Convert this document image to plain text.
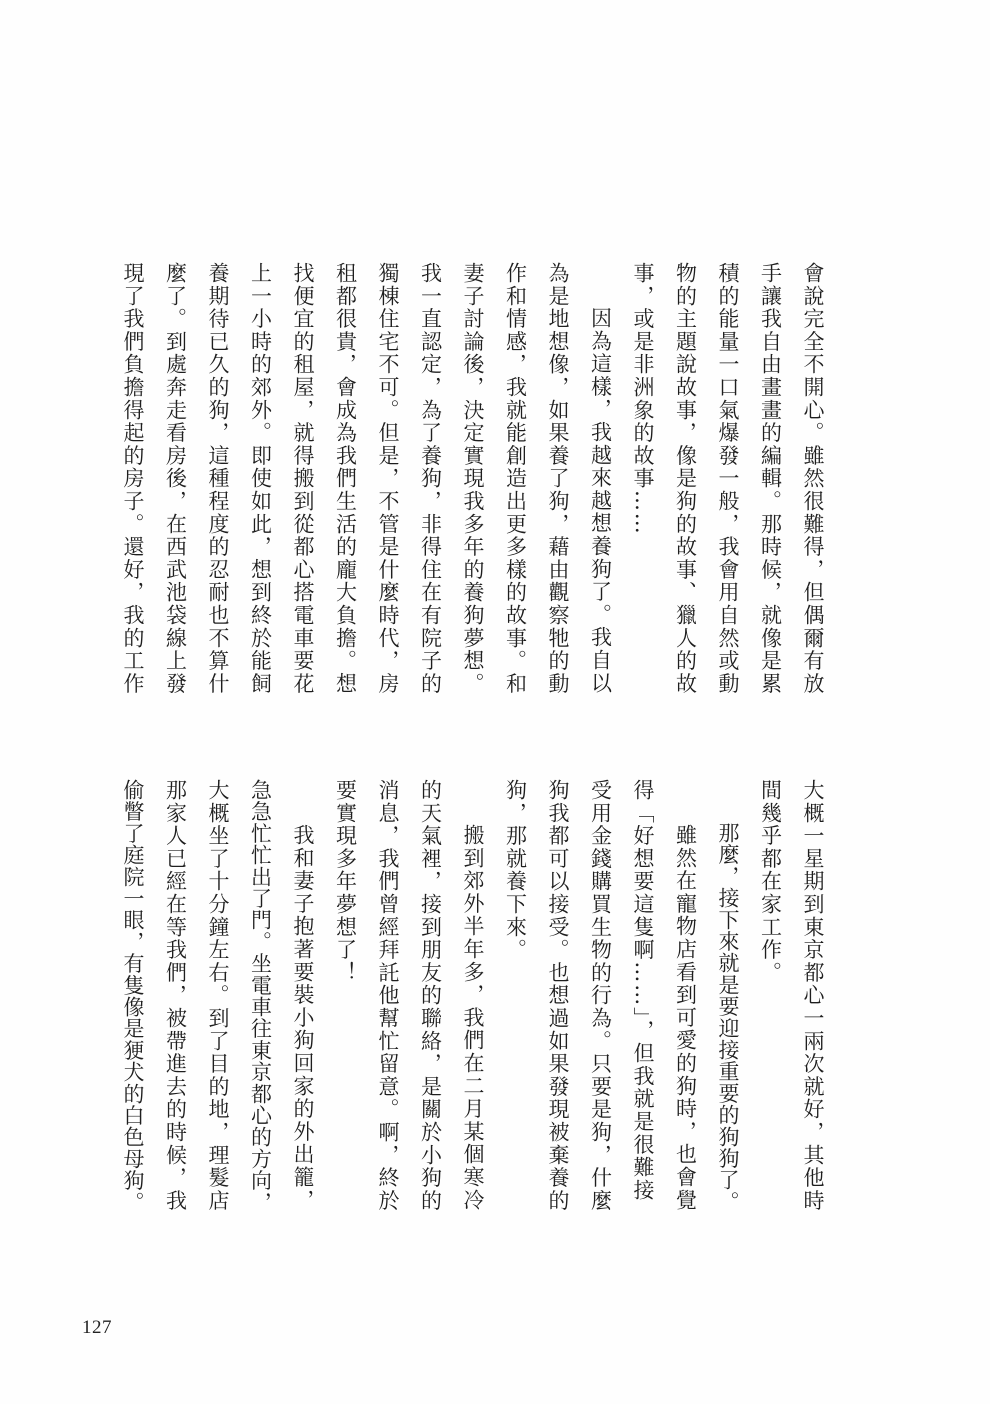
會說完全不開心。雖然很難得，但偶爾有放
手讓我自由畫畫的編輯。那時候，就像是累
積的能量一口氣爆發一般，我會用自然或動
物的主題說故事，像是狗的故事、獵人的故
事，或是非洲象的故事……
因為這樣，我越來越想養狗了。我自以
為是地想像，如果養了狗，藉由觀察牠的動
作和情感，我就能創造出更多樣的故事。和
妻子討論後，決定實現我多年的養狗夢想。
我一直認定，為了養狗，非得住在有院子的
獨棟住宅不可。但是，不管是什麼時代，房
租都很貴，會成為我們生活的龐大負擔。想
找便宜的租屋，就得搬到從都心搭電車要花
上一小時的郊外。即使如此，想到終於能飼
養期待已久的狗，這種程度的忍耐也不算什
麼了。到處奔走看房後，在西武池袋線上發
現了我們負擔得起的房子。還好，我的工作
大概一星期到東京都心一兩次就好，其他時
間幾乎都在家工作。
那麼，接下來就是要迎接重要的狗狗了。
雖然在寵物店看到可愛的狗時，也會覺
得「好想要這隻啊……」，但我就是很難接
受用金錢購買生物的行為。只要是狗，什麼
狗我都可以接受。也想過如果發現被棄養的
狗，那就養下來。
搬到郊外半年多，我們在二月某個寒冷
的天氣裡，接到朋友的聯絡，是關於小狗的
消息，我們曾經拜託他幫忙留意。啊，終於
要實現多年夢想了！
我和妻子抱著要裝小狗回家的外出籠，
急急忙忙出了門。坐電車往東京都心的方向，
大概坐了十分鐘左右。到了目的地，理髮店
那家人已經在等我們，被帶進去的時候，我
偷瞥了庭院一眼，有隻像是㹴犬的白色母狗。
127
